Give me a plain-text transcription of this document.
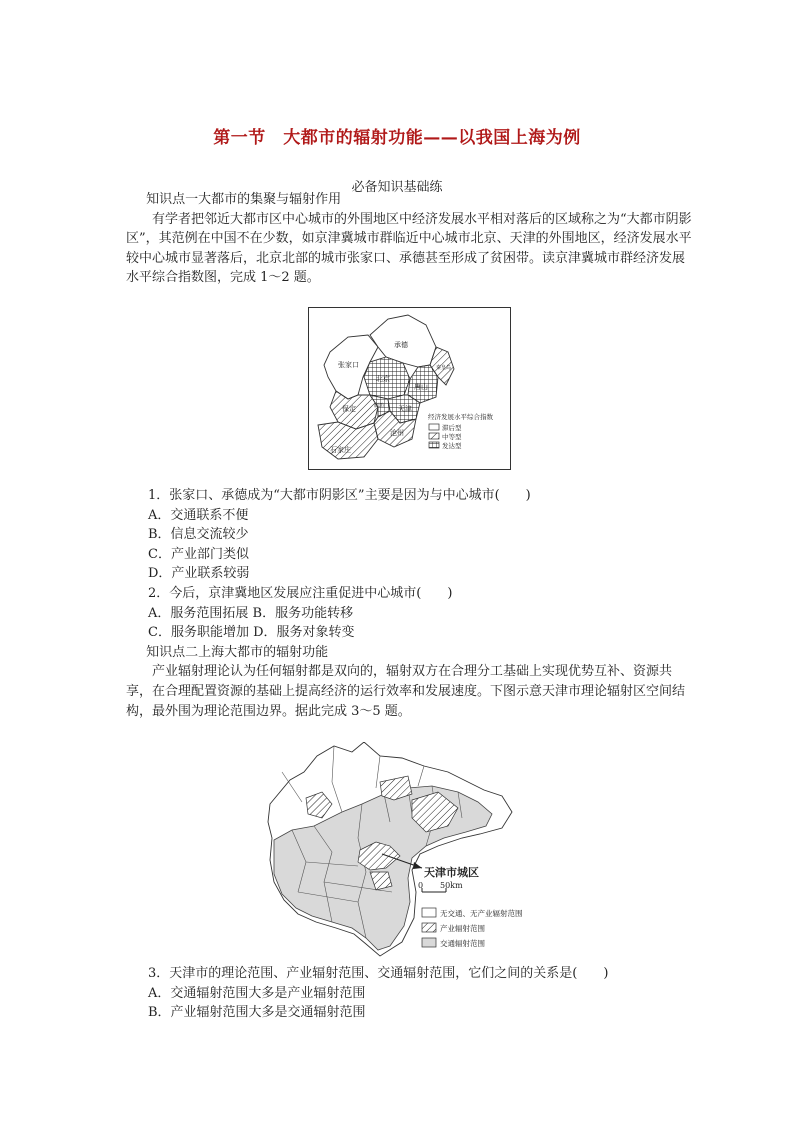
第一节　大都市的辐射功能——以我国上海为例
必备知识基础练

知识点一大都市的集聚与辐射作用

有学者把邻近大都市区中心城市的外围地区中经济发展水平相对落后的区域称之为“大都市阴影区”，其范例在中国不在少数，如京津冀城市群临近中心城市北京、天津的外围地区，经济发展水平较中心城市显著落后，北京北部的城市张家口、承德甚至形成了贫困带。读京津冀城市群经济发展水平综合指数图，完成 1～2 题。

张家口
承德
北京
唐山
秦皇岛
保定	廊坊 天津
沧州
石家庄
经济发展水平综合指数
滞后型
中等型
发达型

1．张家口、承德成为“大都市阴影区”主要是因为与中心城市(　　)

A．交通联系不便

B．信息交流较少

C．产业部门类似

D．产业联系较弱

2．今后，京津冀地区发展应注重促进中心城市(　　)

A．服务范围拓展 B．服务功能转移

C．服务职能增加 D．服务对象转变

知识点二上海大都市的辐射功能

产业辐射理论认为任何辐射都是双向的，辐射双方在合理分工基础上实现优势互补、资源共享，在合理配置资源的基础上提高经济的运行效率和发展速度。下图示意天津市理论辐射区空间结构，最外围为理论范围边界。据此完成 3～5 题。

天津市城区
0 50km
无交通、无产业辐射范围
产业辐射范围
交通辐射范围

3．天津市的理论范围、产业辐射范围、交通辐射范围，它们之间的关系是(　　)

A．交通辐射范围大多是产业辐射范围

B．产业辐射范围大多是交通辐射范围
